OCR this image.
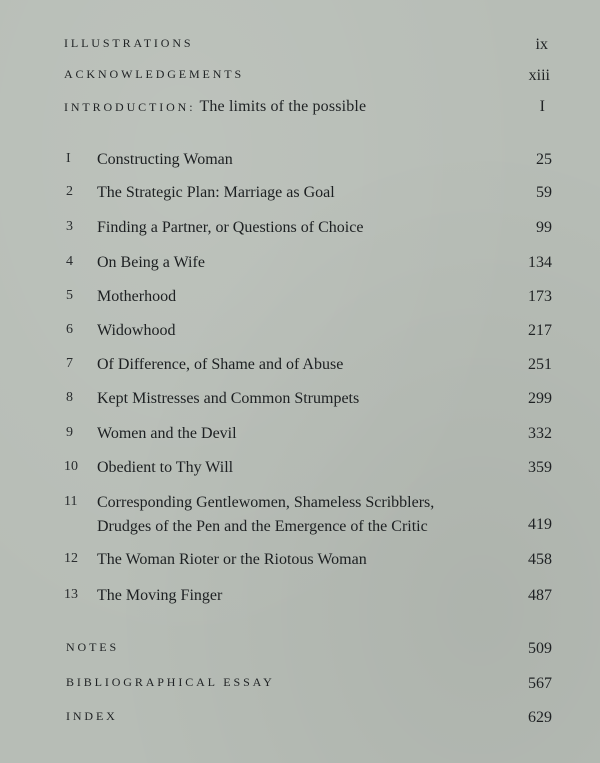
ILLUSTRATIONS	ix
ACKNOWLEDGEMENTS	xiii
INTRODUCTION: The limits of the possible	I
I	Constructing Woman	25
2	The Strategic Plan: Marriage as Goal	59
3	Finding a Partner, or Questions of Choice	99
4	On Being a Wife	134
5	Motherhood	173
6	Widowhood	217
7	Of Difference, of Shame and of Abuse	251
8	Kept Mistresses and Common Strumpets	299
9	Women and the Devil	332
10	Obedient to Thy Will	359
11	Corresponding Gentlewomen, Shameless Scribblers,
Drudges of the Pen and the Emergence of the Critic	419
12	The Woman Rioter or the Riotous Woman	458
13	The Moving Finger	487
NOTES	509
BIBLIOGRAPHICAL ESSAY	567
INDEX	629
